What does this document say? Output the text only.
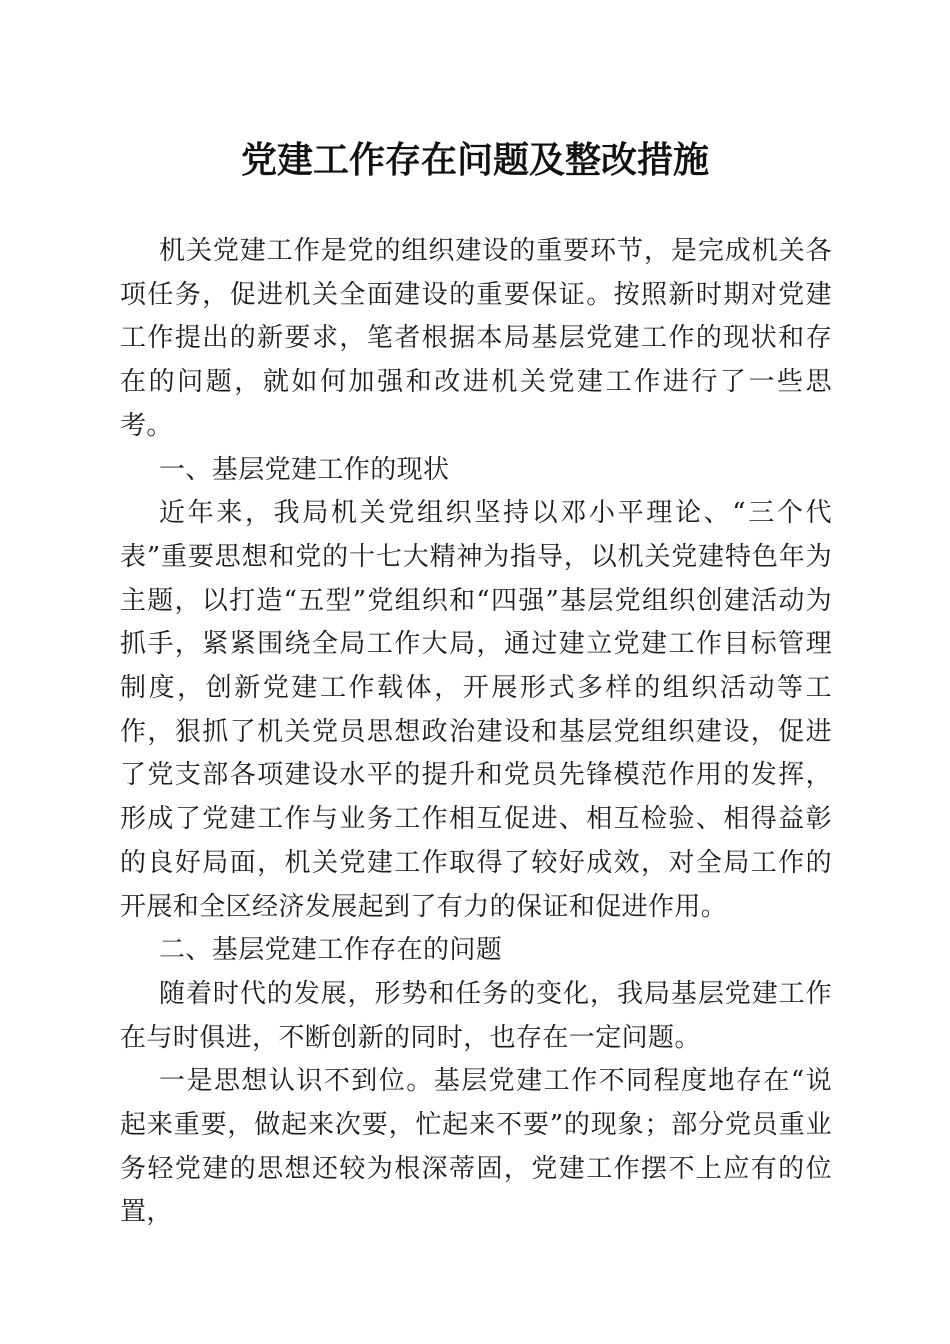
党建工作存在问题及整改措施

机关党建工作是党的组织建设的重要环节，是完成机关各项任务，促进机关全面建设的重要保证。按照新时期对党建工作提出的新要求，笔者根据本局基层党建工作的现状和存在的问题，就如何加强和改进机关党建工作进行了一些思考。

一、基层党建工作的现状

近年来，我局机关党组织坚持以邓小平理论、“三个代表”重要思想和党的十七大精神为指导，以机关党建特色年为主题，以打造“五型”党组织和“四强”基层党组织创建活动为抓手，紧紧围绕全局工作大局，通过建立党建工作目标管理制度，创新党建工作载体，开展形式多样的组织活动等工作，狠抓了机关党员思想政治建设和基层党组织建设，促进了党支部各项建设水平的提升和党员先锋模范作用的发挥，形成了党建工作与业务工作相互促进、相互检验、相得益彰的良好局面，机关党建工作取得了较好成效，对全局工作的开展和全区经济发展起到了有力的保证和促进作用。

二、基层党建工作存在的问题

随着时代的发展，形势和任务的变化，我局基层党建工作在与时俱进，不断创新的同时，也存在一定问题。

一是思想认识不到位。基层党建工作不同程度地存在“说起来重要，做起来次要，忙起来不要”的现象；部分党员重业务轻党建的思想还较为根深蒂固，党建工作摆不上应有的位置，
